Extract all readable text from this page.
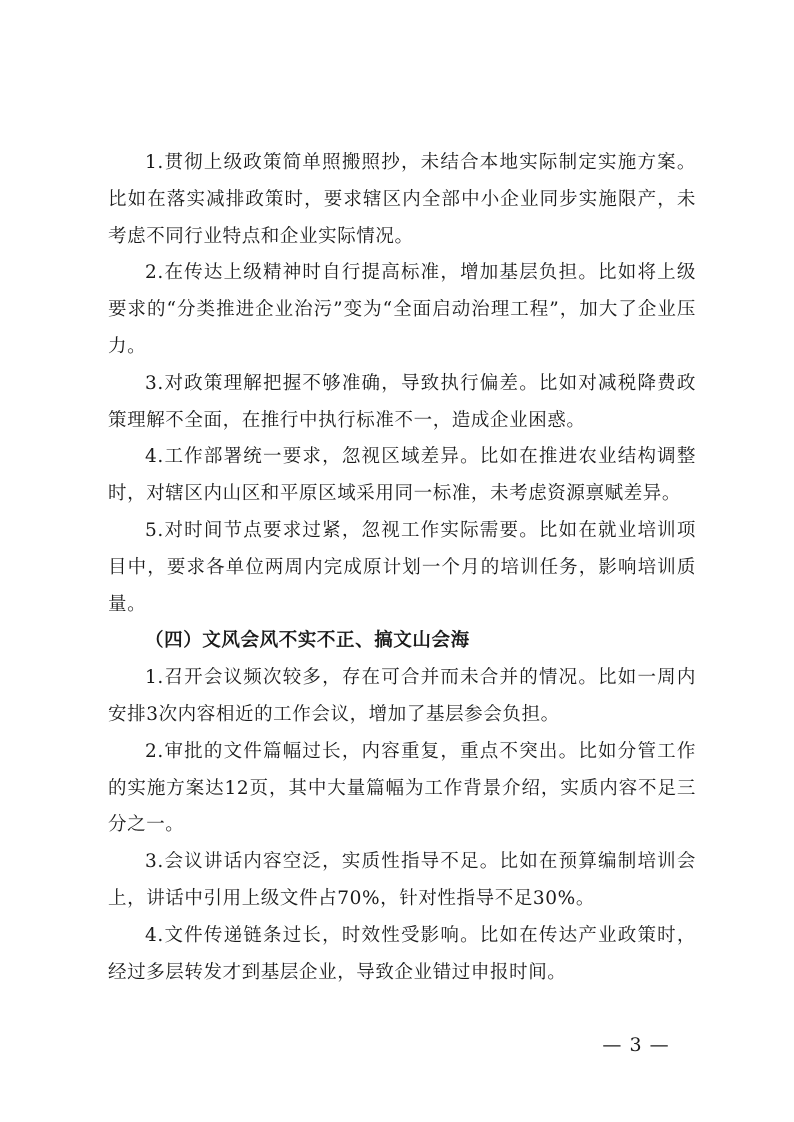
1.贯彻上级政策简单照搬照抄，未结合本地实际制定实施方案。比如在落实减排政策时，要求辖区内全部中小企业同步实施限产，未考虑不同行业特点和企业实际情况。

2.在传达上级精神时自行提高标准，增加基层负担。比如将上级要求的“分类推进企业治污”变为“全面启动治理工程”，加大了企业压力。

3.对政策理解把握不够准确，导致执行偏差。比如对减税降费政策理解不全面，在推行中执行标准不一，造成企业困惑。

4.工作部署统一要求，忽视区域差异。比如在推进农业结构调整时，对辖区内山区和平原区域采用同一标准，未考虑资源禀赋差异。

5.对时间节点要求过紧，忽视工作实际需要。比如在就业培训项目中，要求各单位两周内完成原计划一个月的培训任务，影响培训质量。

（四）文风会风不实不正、搞文山会海

1.召开会议频次较多，存在可合并而未合并的情况。比如一周内安排3次内容相近的工作会议，增加了基层参会负担。

2.审批的文件篇幅过长，内容重复，重点不突出。比如分管工作的实施方案达12页，其中大量篇幅为工作背景介绍，实质内容不足三分之一。

3.会议讲话内容空泛，实质性指导不足。比如在预算编制培训会上，讲话中引用上级文件占70%，针对性指导不足30%。

4.文件传递链条过长，时效性受影响。比如在传达产业政策时，经过多层转发才到基层企业，导致企业错过申报时间。

— 3 —
